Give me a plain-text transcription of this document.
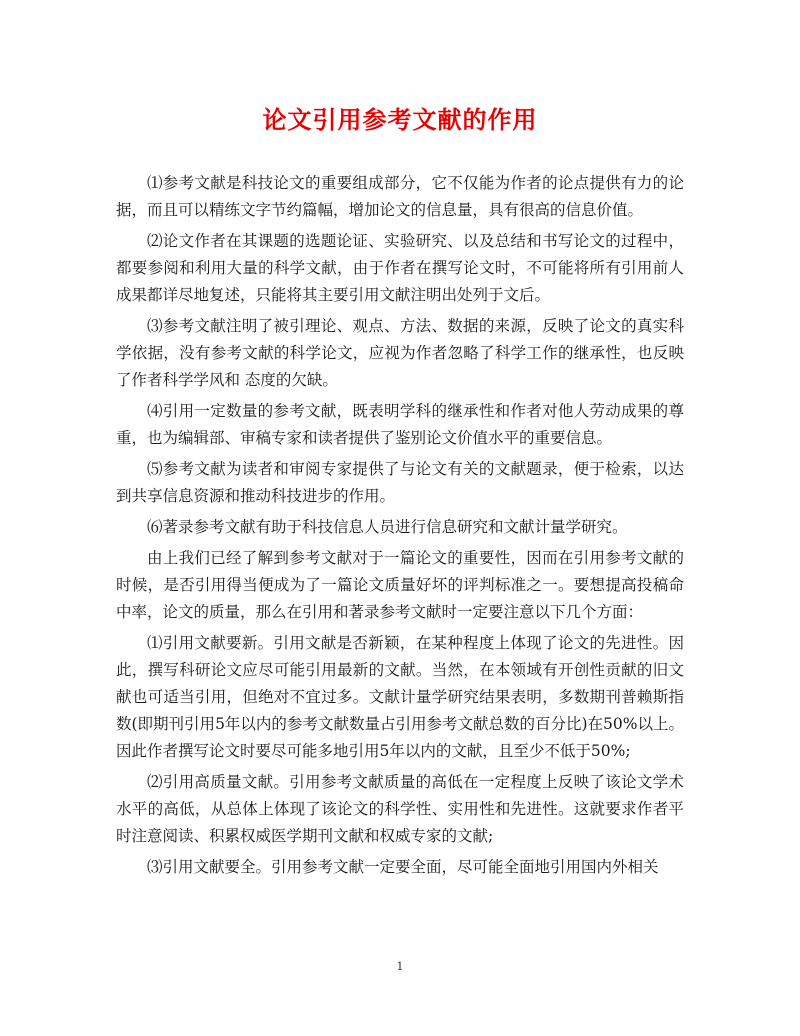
论文引用参考文献的作用

⑴参考文献是科技论文的重要组成部分，它不仅能为作者的论点提供有力的论据，而且可以精练文字节约篇幅，增加论文的信息量，具有很高的信息价值。

⑵论文作者在其课题的选题论证、实验研究、以及总结和书写论文的过程中，都要参阅和利用大量的科学文献，由于作者在撰写论文时，不可能将所有引用前人成果都详尽地复述，只能将其主要引用文献注明出处列于文后。

⑶参考文献注明了被引理论、观点、方法、数据的来源，反映了论文的真实科学依据，没有参考文献的科学论文，应视为作者忽略了科学工作的继承性，也反映了作者科学学风和 态度的欠缺。

⑷引用一定数量的参考文献，既表明学科的继承性和作者对他人劳动成果的尊重，也为编辑部、审稿专家和读者提供了鉴别论文价值水平的重要信息。

⑸参考文献为读者和审阅专家提供了与论文有关的文献题录，便于检索，以达到共享信息资源和推动科技进步的作用。

⑹著录参考文献有助于科技信息人员进行信息研究和文献计量学研究。

由上我们已经了解到参考文献对于一篇论文的重要性，因而在引用参考文献的时候，是否引用得当便成为了一篇论文质量好坏的评判标准之一。要想提高投稿命中率，论文的质量，那么在引用和著录参考文献时一定要注意以下几个方面：

⑴引用文献要新。引用文献是否新颖，在某种程度上体现了论文的先进性。因此，撰写科研论文应尽可能引用最新的文献。当然，在本领域有开创性贡献的旧文献也可适当引用，但绝对不宜过多。文献计量学研究结果表明，多数期刊普赖斯指数(即期刊引用5年以内的参考文献数量占引用参考文献总数的百分比)在50%以上。因此作者撰写论文时要尽可能多地引用5年以内的文献，且至少不低于50%;

⑵引用高质量文献。引用参考文献质量的高低在一定程度上反映了该论文学术水平的高低，从总体上体现了该论文的科学性、实用性和先进性。这就要求作者平时注意阅读、积累权威医学期刊文献和权威专家的文献;

⑶引用文献要全。引用参考文献一定要全面，尽可能全面地引用国内外相关

1
